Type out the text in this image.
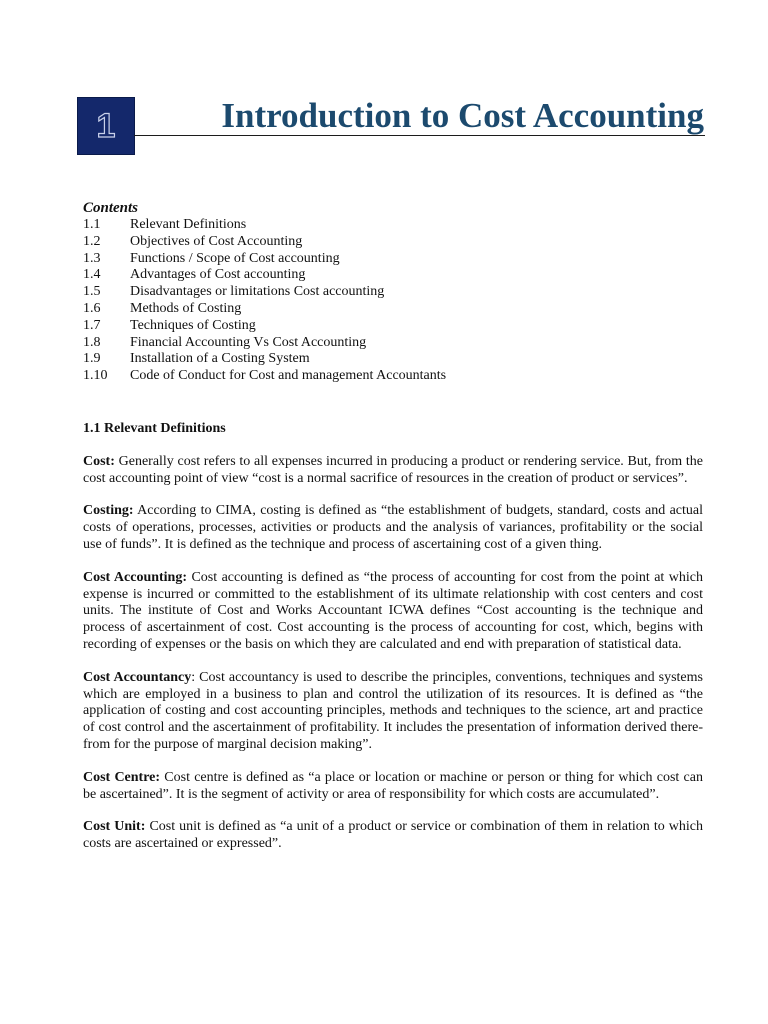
1	Introduction to Cost Accounting
Contents
1.1	Relevant Definitions
1.2	Objectives of Cost Accounting
1.3	Functions / Scope of Cost accounting
1.4	Advantages of Cost accounting
1.5	Disadvantages or limitations Cost accounting
1.6	Methods of Costing
1.7	Techniques of Costing
1.8	Financial Accounting Vs Cost Accounting
1.9	Installation of a Costing System
1.10	Code of Conduct for Cost and management Accountants
1.1 Relevant Definitions

Cost: Generally cost refers to all expenses incurred in producing a product or rendering service. But, from the cost accounting point of view “cost is a normal sacrifice of resources in the creation of product or services”.

Costing: According to CIMA, costing is defined as “the establishment of budgets, standard, costs and actual costs of operations, processes, activities or products and the analysis of variances, profitability or the social use of funds”. It is defined as the technique and process of ascertaining cost of a given thing.

Cost Accounting: Cost accounting is defined as “the process of accounting for cost from the point at which expense is incurred or committed to the establishment of its ultimate relationship with cost centers and cost units. The institute of Cost and Works Accountant ICWA defines “Cost accounting is the technique and process of ascertainment of cost. Cost accounting is the process of accounting for cost, which, begins with recording of expenses or the basis on which they are calculated and end with preparation of statistical data.

Cost Accountancy: Cost accountancy is used to describe the principles, conventions, techniques and systems which are employed in a business to plan and control the utilization of its resources. It is defined as “the application of costing and cost accounting principles, methods and techniques to the science, art and practice of cost control and the ascertainment of profitability. It includes the presentation of information derived there-from for the purpose of marginal decision making”.

Cost Centre: Cost centre is defined as “a place or location or machine or person or thing for which cost can be ascertained”. It is the segment of activity or area of responsibility for which costs are accumulated”.

Cost Unit: Cost unit is defined as “a unit of a product or service or combination of them in relation to which costs are ascertained or expressed”.
